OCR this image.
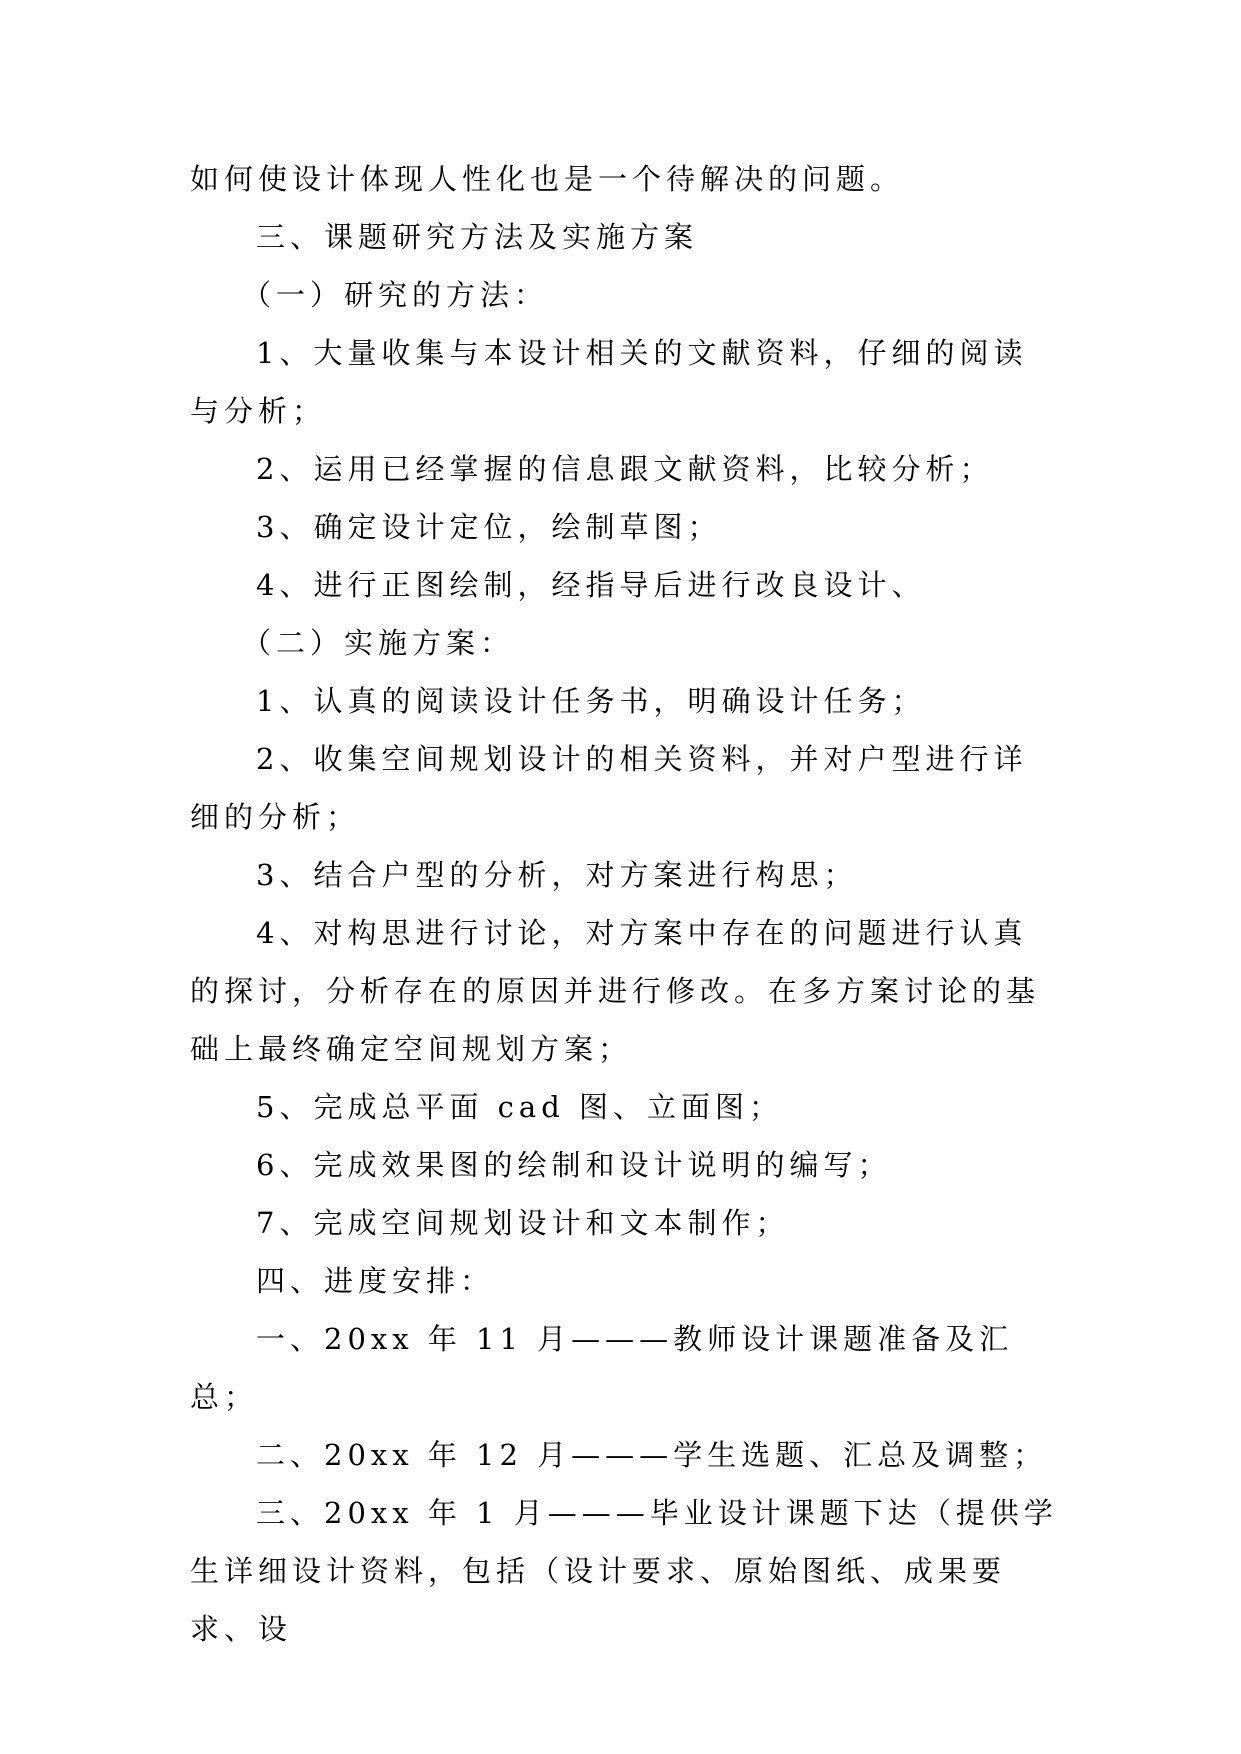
如何使设计体现人性化也是一个待解决的问题。

三、课题研究方法及实施方案

（一）研究的方法：

1、大量收集与本设计相关的文献资料，仔细的阅读与分析；

2、运用已经掌握的信息跟文献资料，比较分析；

3、确定设计定位，绘制草图；

4、进行正图绘制，经指导后进行改良设计、

（二）实施方案：

1、认真的阅读设计任务书，明确设计任务；

2、收集空间规划设计的相关资料，并对户型进行详细的分析；

3、结合户型的分析，对方案进行构思；

4、对构思进行讨论，对方案中存在的问题进行认真的探讨，分析存在的原因并进行修改。在多方案讨论的基础上最终确定空间规划方案；

5、完成总平面 cad 图、立面图；

6、完成效果图的绘制和设计说明的编写；

7、完成空间规划设计和文本制作；

四、进度安排：

一、20xx 年 11 月———教师设计课题准备及汇总；

二、20xx 年 12 月———学生选题、汇总及调整；

三、20xx 年 1 月———毕业设计课题下达（提供学生详细设计资料，包括（设计要求、原始图纸、成果要求、设
